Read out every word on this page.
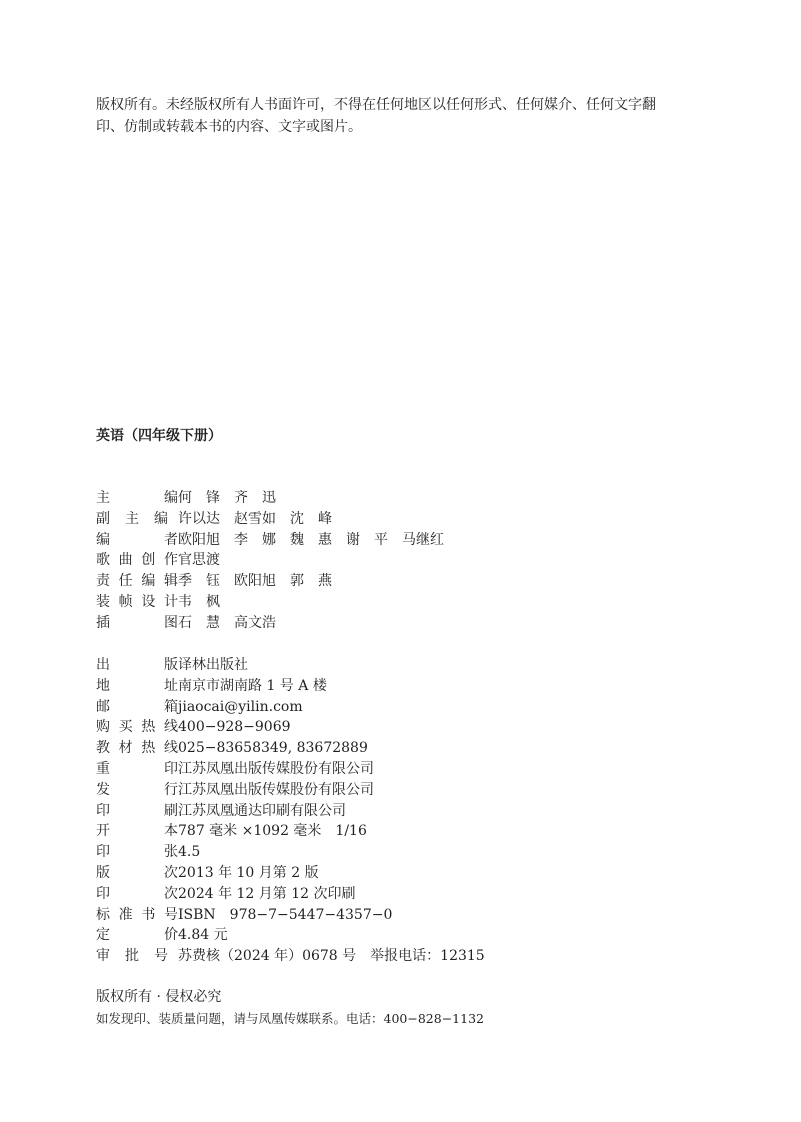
版权所有。未经版权所有人书面许可，不得在任何地区以任何形式、任何媒介、任何文字翻印、仿制或转载本书的内容、文字或图片。
英语（四年级下册）
主	编 何　锋　齐　迅
副 主 编 许以达　赵雪如　沈　峰
编	者 欧阳旭　李　娜　魏　惠　谢　平　马继红
歌 曲 创 作 官思渡
责 任 编 辑 季　钰　欧阳旭　郭　燕
装 帧 设 计 韦　枫
插	图 石　慧　高文浩
出	版 译林出版社
地	址 南京市湖南路 1 号 A 楼
邮	箱 jiaocai@yilin.com
购 买 热 线 400−928−9069
教 材 热 线 025−83658349, 83672889
重	印 江苏凤凰出版传媒股份有限公司
发	行 江苏凤凰出版传媒股份有限公司
印	刷 江苏凤凰通达印刷有限公司
开	本 787 毫米 ×1092 毫米　1/16
印	张 4.5
版	次 2013 年 10 月第 2 版
印	次 2024 年 12 月第 12 次印刷
标 准 书 号 ISBN　978−7−5447−4357−0
定	价 4.84 元
审 批 号 苏费核（2024 年）0678 号　举报电话：12315
版权所有 · 侵权必究
如发现印、装质量问题，请与凤凰传媒联系。电话：400−828−1132
